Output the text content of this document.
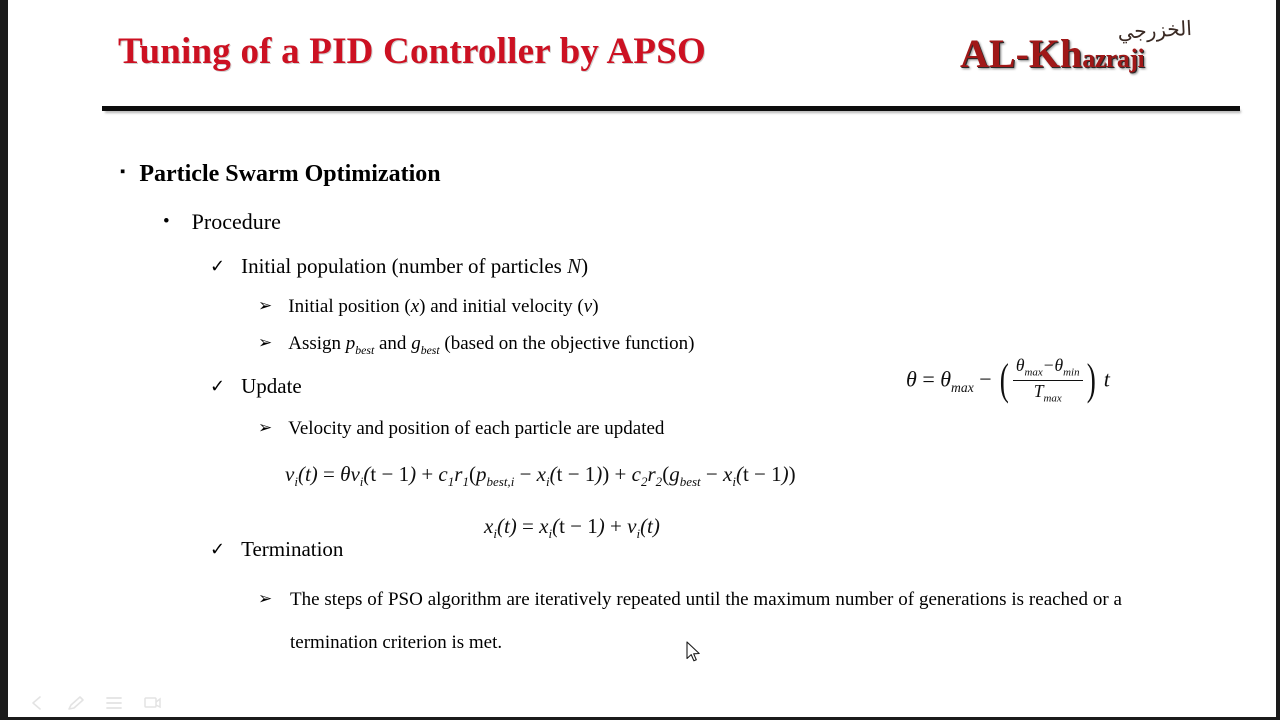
Tuning of a PID Controller by APSO
الخزرجي
AL-Khazraji
▪ Particle Swarm Optimization
• Procedure
✓ Initial population (number of particles N)
➢ Initial position (x) and initial velocity (v)
➢ Assign $p_{best}$ and $g_{best}$ (based on the objective function)
✓ Update
➢ Velocity and position of each particle are updated
✓ Termination
➢ The steps of PSO algorithm are iteratively repeated until the maximum number of generations is reached or a termination criterion is met.
$\theta = \theta_{max}$ − ( $\frac{\theta_{max}-\theta_{min}}{T_{max}}$ ) t
$v_i(t) = \theta v_i(t - 1) + c_1r_1(p_{best,i} - x_i(t - 1)) + c_2r_2(g_{best} - x_i(t - 1))$
$x_i(t) = x_i(t - 1) + v_i(t)$
